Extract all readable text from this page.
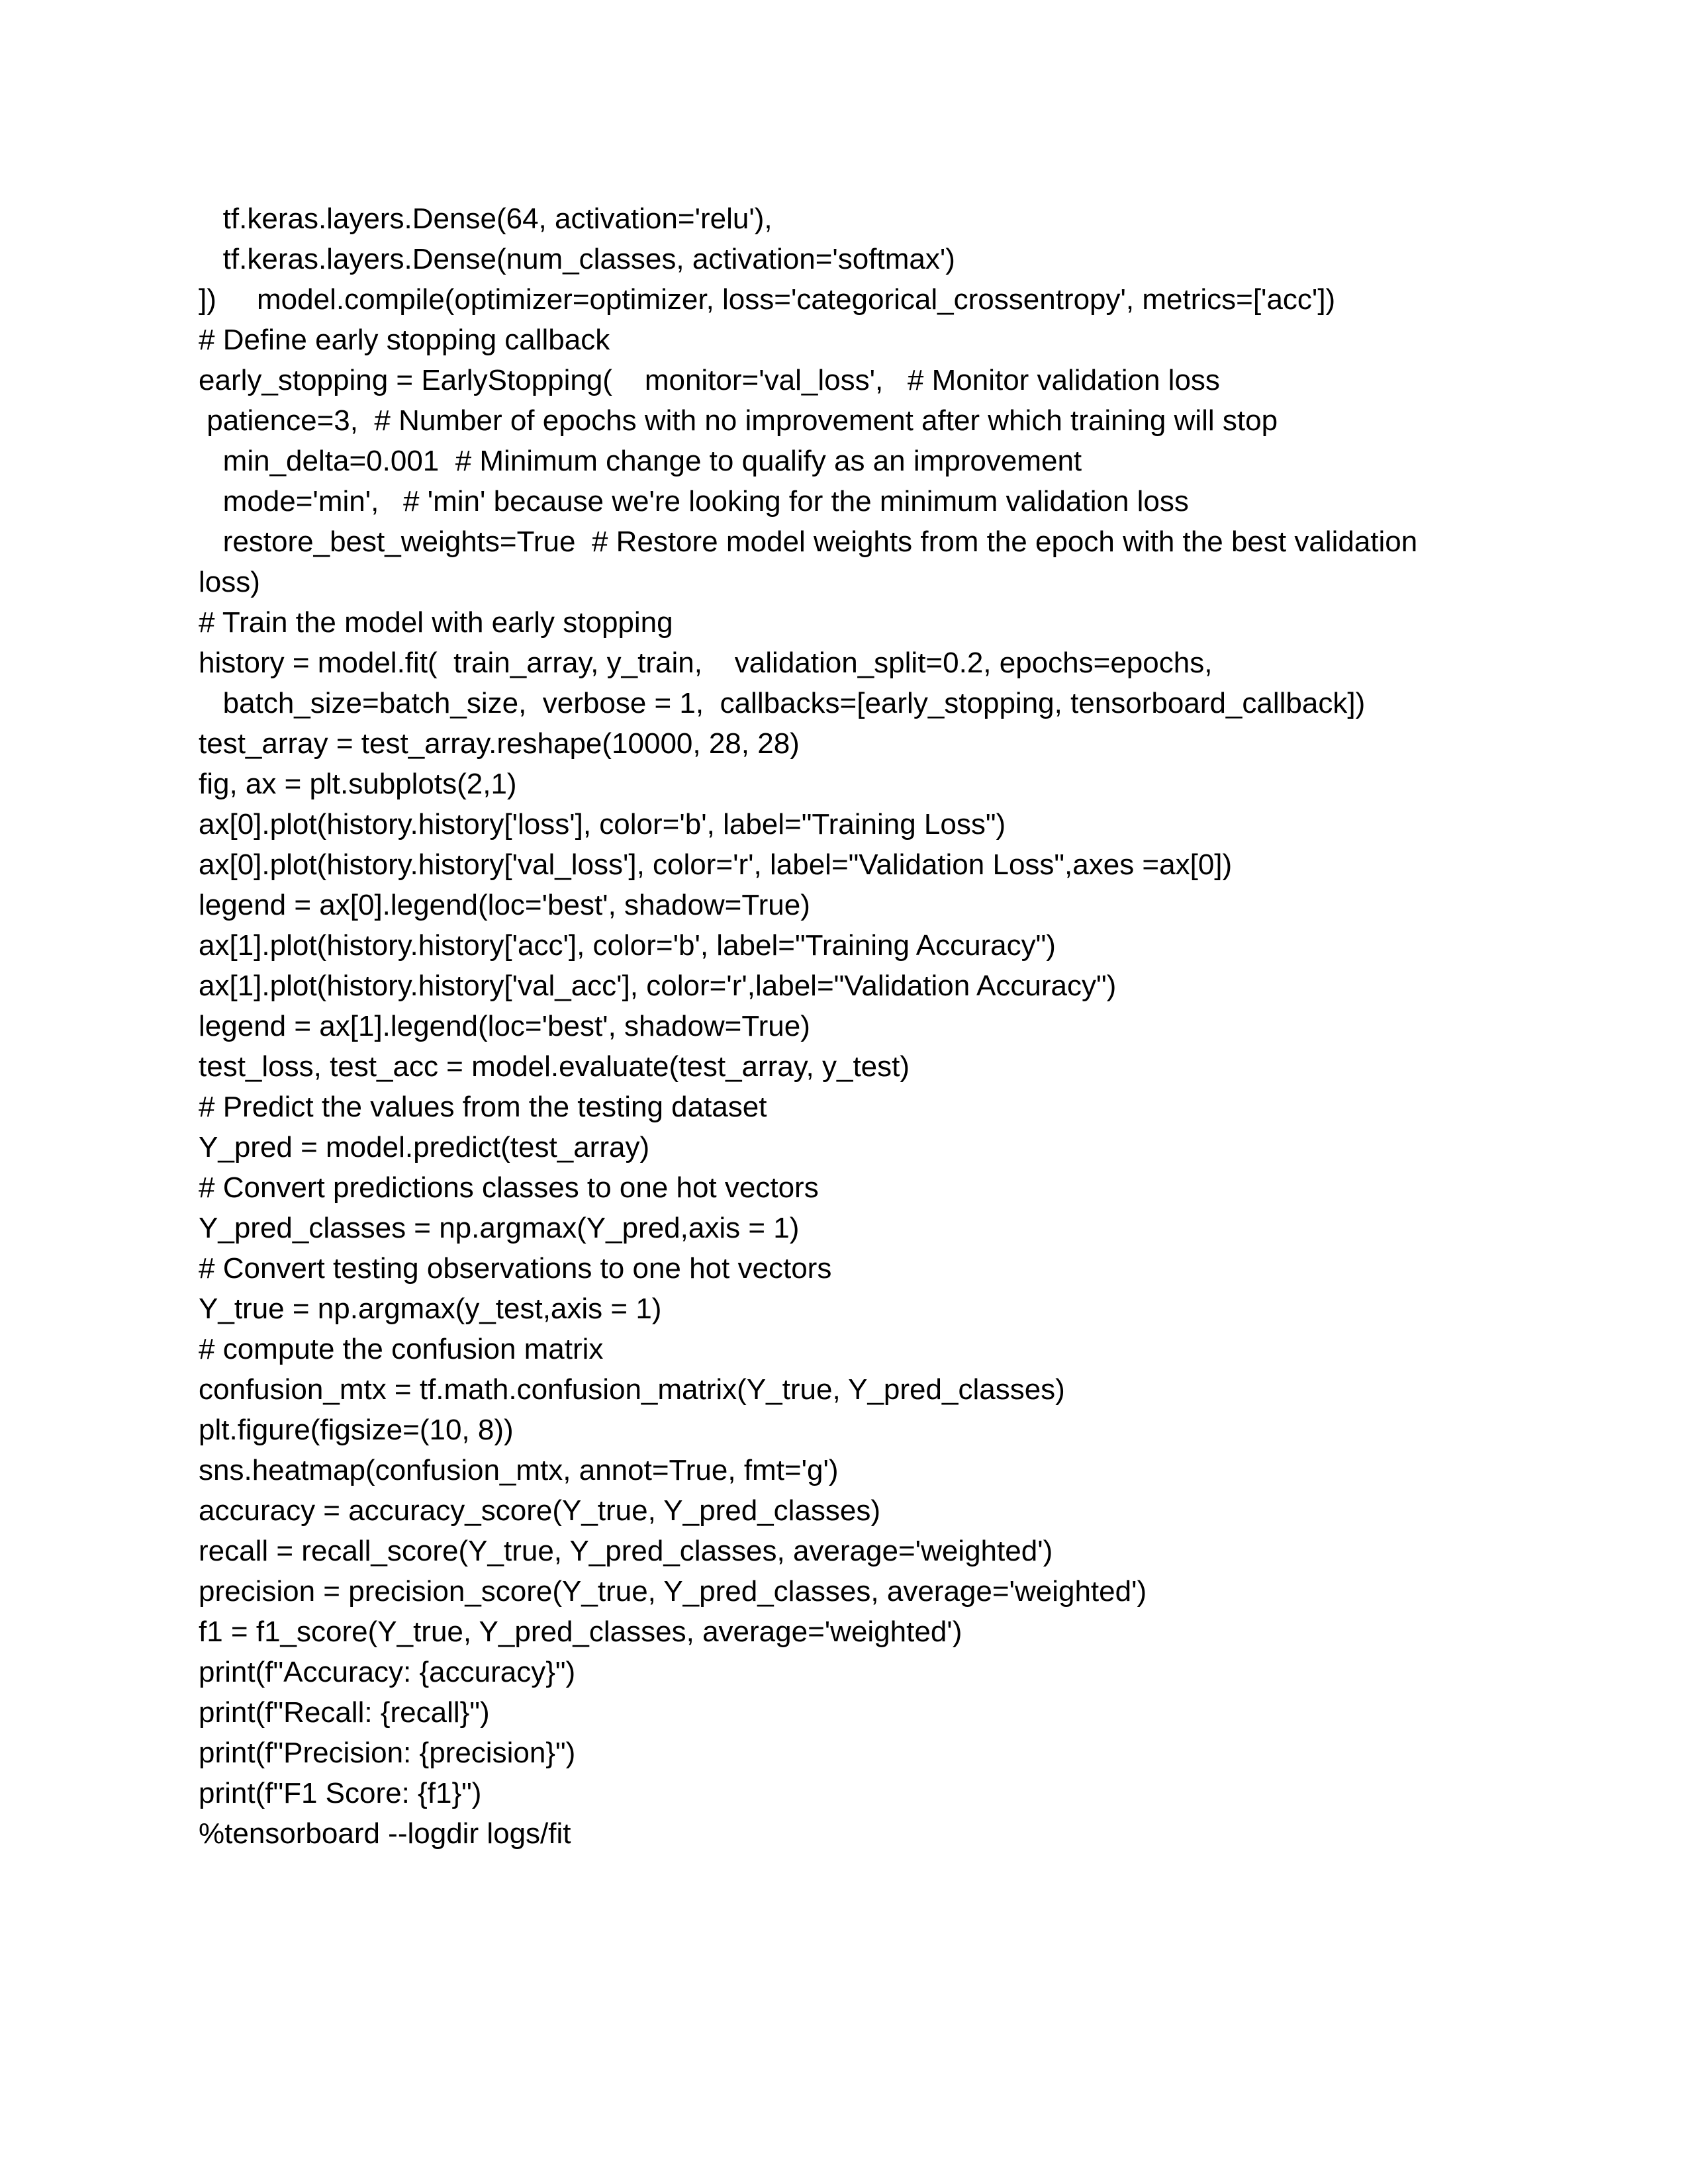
tf.keras.layers.Dense(64, activation='relu'),
tf.keras.layers.Dense(num_classes, activation='softmax')
])     model.compile(optimizer=optimizer, loss='categorical_crossentropy', metrics=['acc'])
# Define early stopping callback
early_stopping = EarlyStopping(    monitor='val_loss',   # Monitor validation loss
patience=3,  # Number of epochs with no improvement after which training will stop
min_delta=0.001  # Minimum change to qualify as an improvement
mode='min',   # 'min' because we're looking for the minimum validation loss
restore_best_weights=True  # Restore model weights from the epoch with the best validation
loss)
# Train the model with early stopping
history = model.fit(  train_array, y_train,    validation_split=0.2, epochs=epochs,
batch_size=batch_size,  verbose = 1,  callbacks=[early_stopping, tensorboard_callback])
test_array = test_array.reshape(10000, 28, 28)
fig, ax = plt.subplots(2,1)
ax[0].plot(history.history['loss'], color='b', label="Training Loss")
ax[0].plot(history.history['val_loss'], color='r', label="Validation Loss",axes =ax[0])
legend = ax[0].legend(loc='best', shadow=True)
ax[1].plot(history.history['acc'], color='b', label="Training Accuracy")
ax[1].plot(history.history['val_acc'], color='r',label="Validation Accuracy")
legend = ax[1].legend(loc='best', shadow=True)
test_loss, test_acc = model.evaluate(test_array, y_test)
# Predict the values from the testing dataset
Y_pred = model.predict(test_array)
# Convert predictions classes to one hot vectors
Y_pred_classes = np.argmax(Y_pred,axis = 1)
# Convert testing observations to one hot vectors
Y_true = np.argmax(y_test,axis = 1)
# compute the confusion matrix
confusion_mtx = tf.math.confusion_matrix(Y_true, Y_pred_classes)
plt.figure(figsize=(10, 8))
sns.heatmap(confusion_mtx, annot=True, fmt='g')
accuracy = accuracy_score(Y_true, Y_pred_classes)
recall = recall_score(Y_true, Y_pred_classes, average='weighted')
precision = precision_score(Y_true, Y_pred_classes, average='weighted')
f1 = f1_score(Y_true, Y_pred_classes, average='weighted')
print(f"Accuracy: {accuracy}")
print(f"Recall: {recall}")
print(f"Precision: {precision}")
print(f"F1 Score: {f1}")
%tensorboard --logdir logs/fit
